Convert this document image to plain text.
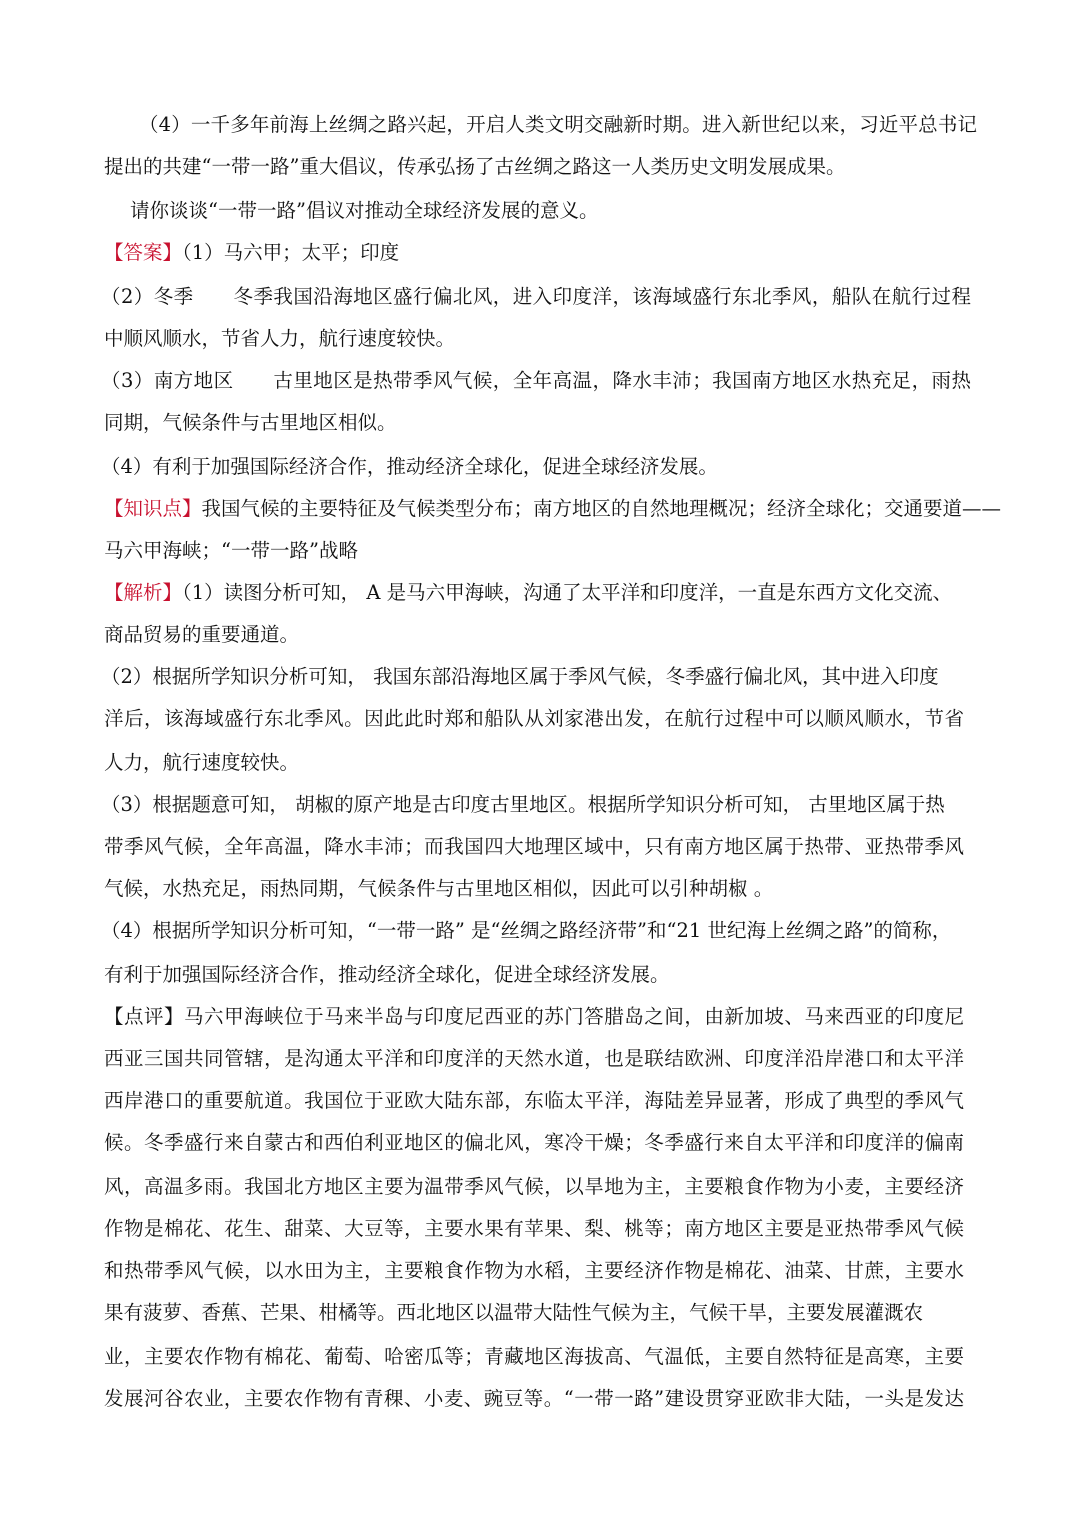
（4）一千多年前海上丝绸之路兴起，开启人类文明交融新时期。进入新世纪以来，习近平总书记
提出的共建“一带一路”重大倡议，传承弘扬了古丝绸之路这一人类历史文明发展成果。
请你谈谈“一带一路”倡议对推动全球经济发展的意义。
【答案】（1）马六甲；太平；印度
（2）冬季　　冬季我国沿海地区盛行偏北风，进入印度洋，该海域盛行东北季风，船队在航行过程
中顺风顺水，节省人力，航行速度较快。
（3）南方地区　　古里地区是热带季风气候，全年高温，降水丰沛；我国南方地区水热充足，雨热
同期，气候条件与古里地区相似。
（4）有利于加强国际经济合作，推动经济全球化，促进全球经济发展。
【知识点】我国气候的主要特征及气候类型分布；南方地区的自然地理概况；经济全球化；交通要道——
马六甲海峡；“一带一路”战略
【解析】（1）读图分析可知， A 是马六甲海峡，沟通了太平洋和印度洋，一直是东西方文化交流、
商品贸易的重要通道。
（2）根据所学知识分析可知， 我国东部沿海地区属于季风气候，冬季盛行偏北风，其中进入印度
洋后，该海域盛行东北季风。因此此时郑和船队从刘家港出发，在航行过程中可以顺风顺水，节省
人力，航行速度较快。
（3）根据题意可知， 胡椒的原产地是古印度古里地区。根据所学知识分析可知， 古里地区属于热
带季风气候，全年高温，降水丰沛；而我国四大地理区域中，只有南方地区属于热带、亚热带季风
气候，水热充足，雨热同期，气候条件与古里地区相似，因此可以引种胡椒 。
（4）根据所学知识分析可知，“一带一路” 是“丝绸之路经济带”和“21 世纪海上丝绸之路”的简称，
有利于加强国际经济合作，推动经济全球化，促进全球经济发展。
【点评】马六甲海峡位于马来半岛与印度尼西亚的苏门答腊岛之间，由新加坡、马来西亚的印度尼
西亚三国共同管辖，是沟通太平洋和印度洋的天然水道，也是联结欧洲、印度洋沿岸港口和太平洋
西岸港口的重要航道。我国位于亚欧大陆东部，东临太平洋，海陆差异显著，形成了典型的季风气
候。冬季盛行来自蒙古和西伯利亚地区的偏北风，寒冷干燥；冬季盛行来自太平洋和印度洋的偏南
风，高温多雨。我国北方地区主要为温带季风气候，以旱地为主，主要粮食作物为小麦，主要经济
作物是棉花、花生、甜菜、大豆等，主要水果有苹果、梨、桃等；南方地区主要是亚热带季风气候
和热带季风气候，以水田为主，主要粮食作物为水稻，主要经济作物是棉花、油菜、甘蔗，主要水
果有菠萝、香蕉、芒果、柑橘等。西北地区以温带大陆性气候为主，气候干旱，主要发展灌溉农
业，主要农作物有棉花、葡萄、哈密瓜等；青藏地区海拔高、气温低，主要自然特征是高寒，主要
发展河谷农业，主要农作物有青稞、小麦、豌豆等。“一带一路”建设贯穿亚欧非大陆，一头是发达
